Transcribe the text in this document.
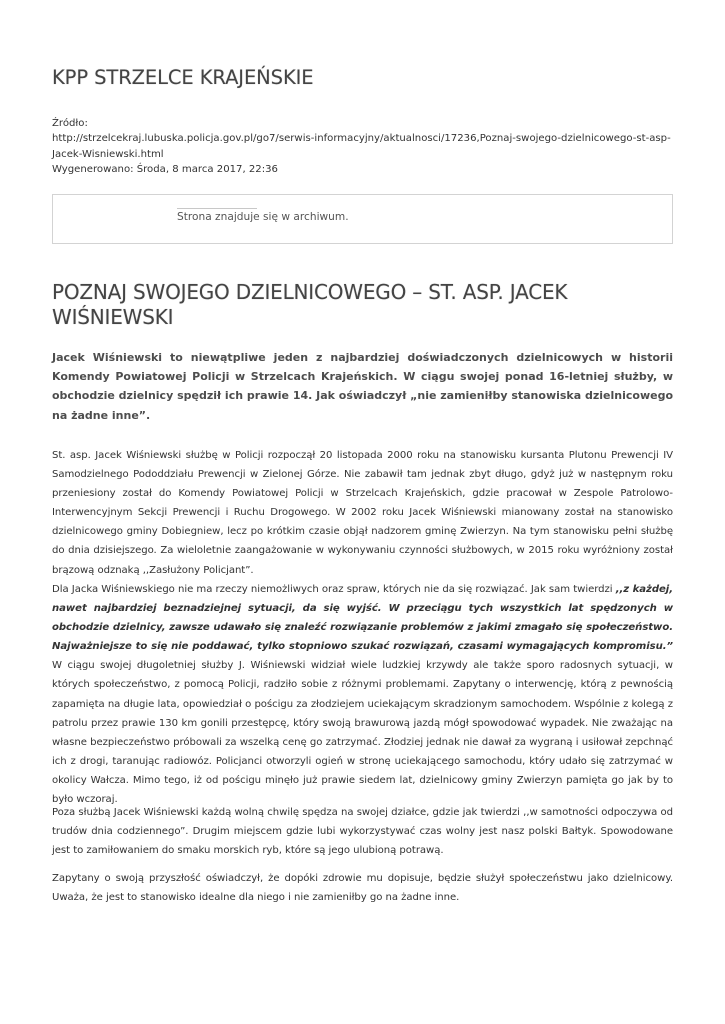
KPP STRZELCE KRAJEŃSKIE
Źródło:
http://strzelcekraj.lubuska.policja.gov.pl/go7/serwis-informacyjny/aktualnosci/17236,Poznaj-swojego-dzielnicowego-st-asp-Jacek-Wisniewski.html
Wygenerowano: Środa, 8 marca 2017, 22:36
Strona znajduje się w archiwum.
POZNAJ SWOJEGO DZIELNICOWEGO – ST. ASP. JACEK WIŚNIEWSKI

Jacek Wiśniewski to niewątpliwe jeden z najbardziej doświadczonych dzielnicowych w historii Komendy Powiatowej Policji w Strzelcach Krajeńskich. W ciągu swojej ponad 16-letniej służby, w obchodzie dzielnicy spędził ich prawie 14. Jak oświadczył „nie zamieniłby stanowiska dzielnicowego na żadne inne”.

St. asp. Jacek Wiśniewski służbę w Policji rozpoczął 20 listopada 2000 roku na stanowisku kursanta Plutonu Prewencji IV Samodzielnego Pododdziału Prewencji w Zielonej Górze. Nie zabawił tam jednak zbyt długo, gdyż już w następnym roku przeniesiony został do Komendy Powiatowej Policji w Strzelcach Krajeńskich, gdzie pracował w Zespole Patrolowo-Interwencyjnym Sekcji Prewencji i Ruchu Drogowego. W 2002 roku Jacek Wiśniewski mianowany został na stanowisko dzielnicowego gminy Dobiegniew, lecz po krótkim czasie objął nadzorem gminę Zwierzyn. Na tym stanowisku pełni służbę do dnia dzisiejszego. Za wieloletnie zaangażowanie w wykonywaniu czynności służbowych, w 2015 roku wyróżniony został brązową odznaką ,,Zasłużony Policjant”.

Dla Jacka Wiśniewskiego nie ma rzeczy niemożliwych oraz spraw, których nie da się rozwiązać. Jak sam twierdzi ,,z każdej, nawet najbardziej beznadziejnej sytuacji, da się wyjść. W przeciągu tych wszystkich lat spędzonych w obchodzie dzielnicy, zawsze udawało się znaleźć rozwiązanie problemów z jakimi zmagało się społeczeństwo. Najważniejsze to się nie poddawać, tylko stopniowo szukać rozwiązań, czasami wymagających kompromisu.” W ciągu swojej długoletniej służby J. Wiśniewski widział wiele ludzkiej krzywdy ale także sporo radosnych sytuacji, w których społeczeństwo, z pomocą Policji, radziło sobie z różnymi problemami. Zapytany o interwencję, którą z pewnością zapamięta na długie lata, opowiedział o pościgu za złodziejem uciekającym skradzionym samochodem. Wspólnie z kolegą z patrolu przez prawie 130 km gonili przestępcę, który swoją brawurową jazdą mógł spowodować wypadek. Nie zważając na własne bezpieczeństwo próbowali za wszelką cenę go zatrzymać. Złodziej jednak nie dawał za wygraną i usiłował zepchnąć ich z drogi, taranując radiowóz. Policjanci otworzyli ogień w stronę uciekającego samochodu, który udało się zatrzymać w okolicy Wałcza. Mimo tego, iż od pościgu minęło już prawie siedem lat, dzielnicowy gminy Zwierzyn pamięta go jak by to było wczoraj.

Poza służbą Jacek Wiśniewski każdą wolną chwilę spędza na swojej działce, gdzie jak twierdzi ,,w samotności odpoczywa od trudów dnia codziennego”. Drugim miejscem gdzie lubi wykorzystywać czas wolny jest nasz polski Bałtyk. Spowodowane jest to zamiłowaniem do smaku morskich ryb, które są jego ulubioną potrawą.

Zapytany o swoją przyszłość oświadczył, że dopóki zdrowie mu dopisuje, będzie służył społeczeństwu jako dzielnicowy. Uważa, że jest to stanowisko idealne dla niego i nie zamieniłby go na żadne inne.
